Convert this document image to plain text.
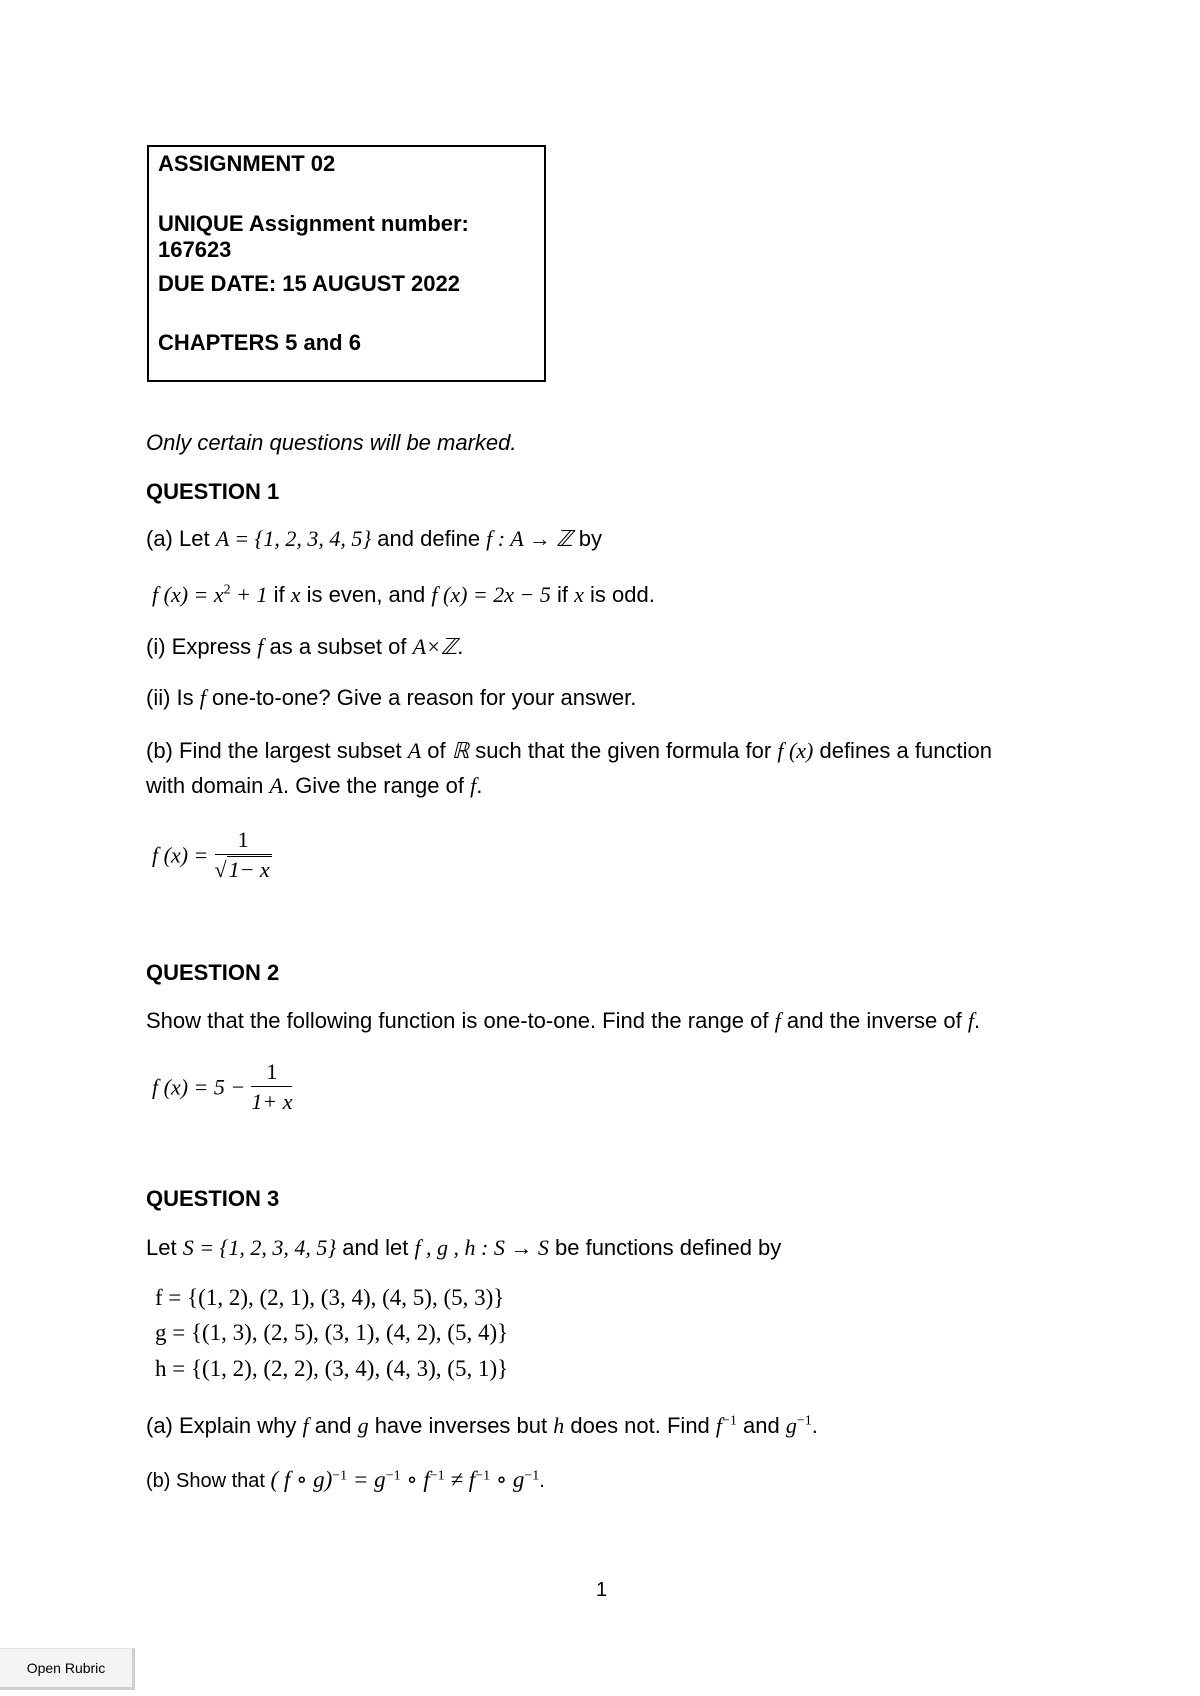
ASSIGNMENT 02
UNIQUE Assignment number: 167623
DUE DATE: 15 AUGUST 2022
CHAPTERS 5 and 6
Only certain questions will be marked.
QUESTION 1
(a) Let A = {1, 2, 3, 4, 5} and define f : A → ℤ by
f $(x) = x^2 + 1$ if x is even, and f (x) = 2x − 5 if x is odd.
(i) Express f as a subset of A×ℤ.
(ii) Is f one-to-one? Give a reason for your answer.
(b) Find the largest subset A of ℝ such that the given formula for f (x) defines a function
with domain A. Give the range of f.
f $(x) = \frac{1}{√1- x}$
QUESTION 2
Show that the following function is one-to-one. Find the range of f and the inverse of f.
f $(x) = 5 - \frac{1}{1+ x}$
QUESTION 3
Let S = {1, 2, 3, 4, 5} and let f , g , h : S → S be functions defined by
f = {(1, 2), (2, 1), (3, 4), (4, 5), (5, 3)}
g = {(1, 3), (2, 5), (3, 1), (4, 2), (5, 4)}
h = {(1, 2), (2, 2), (3, 4), (4, 3), (5, 1)}
(a) Explain why f and g have inverses but h does not. Find $f^{-1}$ and $g^{-1}$.
(b) Show that ( f ∘ $g)^{-1} = g^{-1}$ ∘ $f^{-1} \ne f^{-1}$ ∘ $g^{-1}$.
1
Open Rubric
